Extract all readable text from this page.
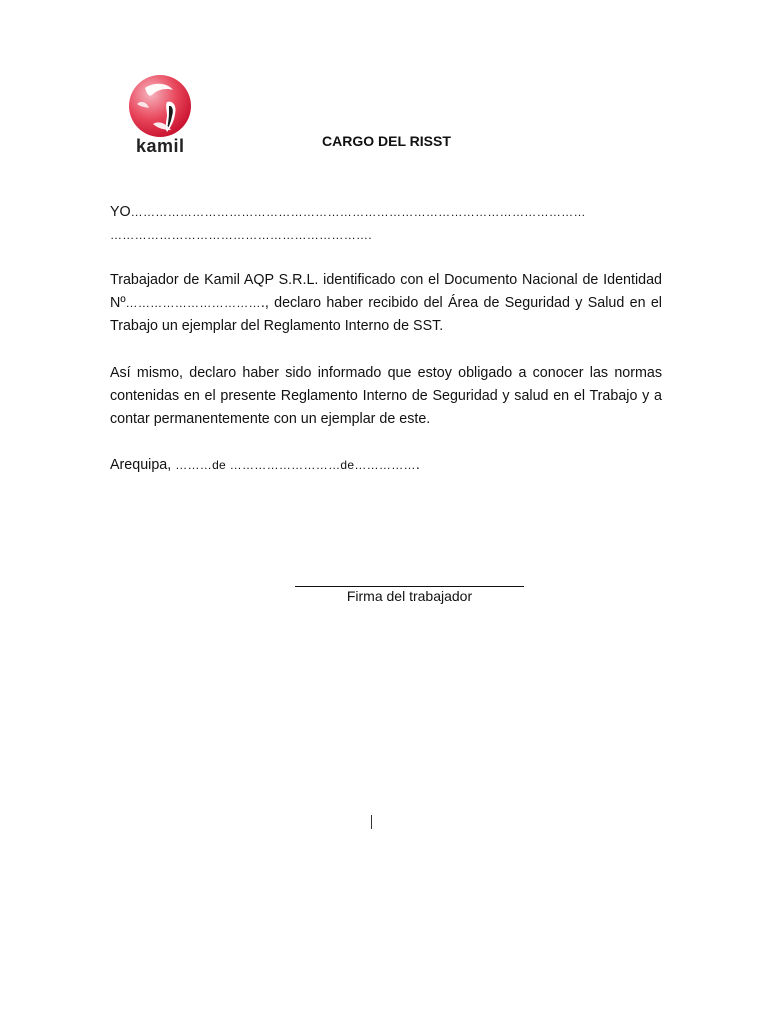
kamil	CARGO DEL RISST
YO…………………………………………………………………………………………………
……………………………………………………….
Trabajador de Kamil AQP S.R.L. identificado con el Documento Nacional de Identidad Nº……………………………., declaro haber recibido del Área de Seguridad y Salud en el Trabajo un ejemplar del Reglamento Interno de SST.
Así mismo, declaro haber sido informado que estoy obligado a conocer las normas contenidas en el presente Reglamento Interno de Seguridad y salud en el Trabajo y a contar permanentemente con un ejemplar de este.
Arequipa, ………de ………………………de…………….
Firma del trabajador
